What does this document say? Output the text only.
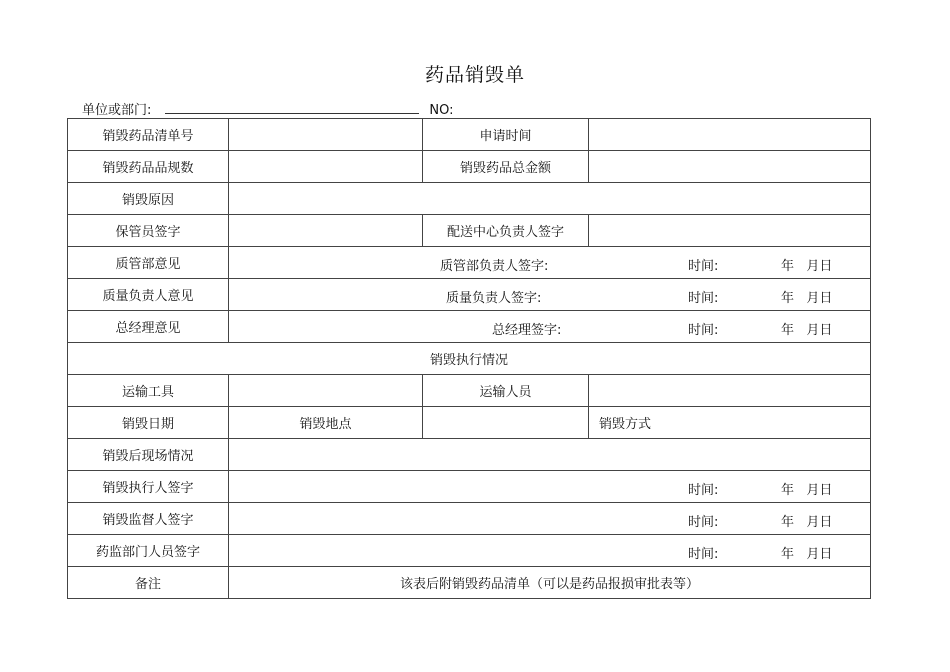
药品销毁单
单位或部门:	NO:
销毁药品清单号		申请时间	
销毁药品品规数		销毁药品总金额	
销毁原因			
保管员签字		配送中心负责人签字	
质管部意见	质管部负责人签字: 时间: 年   月日		

质量负责人意见	质量负责人签字: 时间: 年   月日		

总经理意见	总经理签字: 时间: 年   月日		

销毁执行情况			
运输工具		运输人员	
销毁日期	销毁地点		销毁方式
销毁后现场情况			
销毁执行人签字	时间: 年   月日		

销毁监督人签字	时间: 年   月日		

药监部门人员签字	时间: 年   月日		

备注	该表后附销毁药品清单（可以是药品报损审批表等）		
